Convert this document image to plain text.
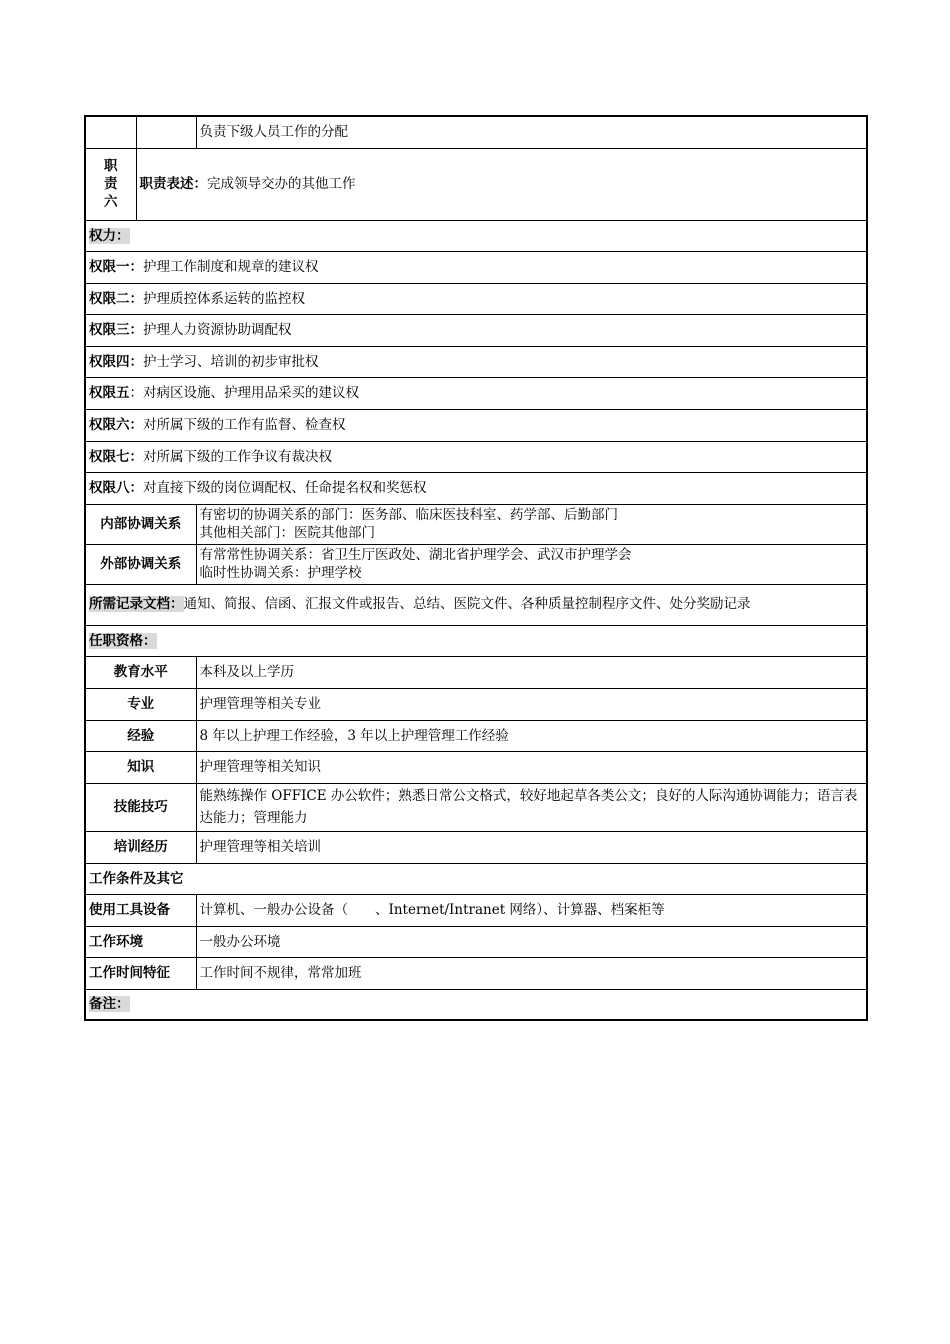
		负责下级人员工作的分配

职
责
六	职责表述：完成领导交办的其他工作	
权力：		
权限一：护理工作制度和规章的建议权		
权限二：护理质控体系运转的监控权		
权限三：护理人力资源协助调配权		
权限四：护士学习、培训的初步审批权		
权限五：对病区设施、护理用品采买的建议权		
权限六：对所属下级的工作有监督、检查权		
权限七：对所属下级的工作争议有裁决权		
权限八：对直接下级的岗位调配权、任命提名权和奖惩权		
内部协调关系		有密切的协调关系的部门：医务部、临床医技科室、药学部、后勤部门
其他相关部门：医院其他部门

外部协调关系		有常常性协调关系：省卫生厅医政处、湖北省护理学会、武汉市护理学会
临时性协调关系：护理学校

所需记录文档：通知、简报、信函、汇报文件或报告、总结、医院文件、各种质量控制程序文件、处分奖励记录		
任职资格：		
教育水平		本科及以上学历
专业		护理管理等相关专业
经验		8 年以上护理工作经验，3 年以上护理管理工作经验
知识		护理管理等相关知识
技能技巧		能熟练操作 OFFICE 办公软件；熟悉日常公文格式，较好地起草各类公文；良好的人际沟通协调能力；语言表达能力；管理能力
培训经历		护理管理等相关培训
工作条件及其它		
使用工具设备		计算机、一般办公设备（　　、Internet/Intranet 网络）、计算器、档案柜等
工作环境		一般办公环境
工作时间特征		工作时间不规律，常常加班
备注：		
